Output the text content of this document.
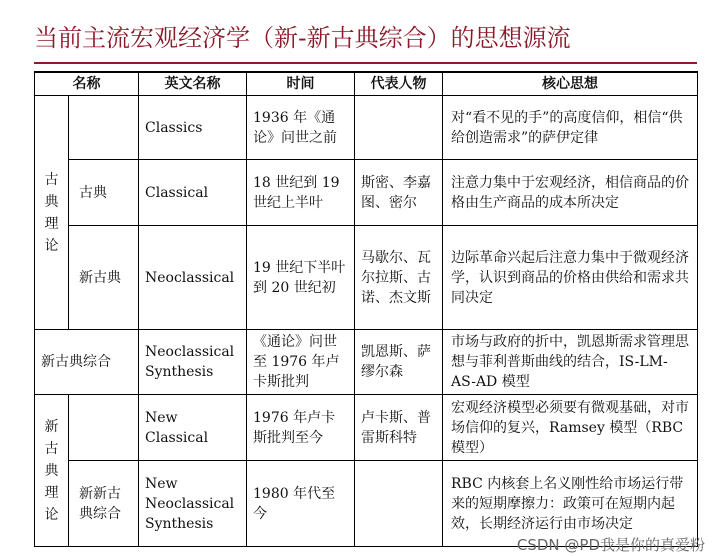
当前主流宏观经济学（新-新古典综合）的思想源流
名称		英文名称	时间	代表人物	核心思想

古典理论		Classics	1936 年《通论》问世之前		对“看不见的手”的高度信仰，相信“供给创造需求”的萨伊定律
	古典	Classical	18 世纪到 19 世纪上半叶	斯密、李嘉图、密尔	注意力集中于宏观经济，相信商品的价格由生产商品的成本所决定
	新古典	Neoclassical	19 世纪下半叶到 20 世纪初	马歇尔、瓦尔拉斯、古诺、杰文斯	边际革命兴起后注意力集中于微观经济学，认识到商品的价格由供给和需求共同决定
新古典综合		Neoclassical Synthesis	《通论》问世至 1976 年卢卡斯批判	凯恩斯、萨缪尔森	市场与政府的折中，凯恩斯需求管理思想与菲利普斯曲线的结合，IS-LM-AS-AD 模型

新古典理论		New Classical	1976 年卢卡斯批判至今	卢卡斯、普雷斯科特	宏观经济模型必须要有微观基础，对市场信仰的复兴，Ramsey 模型（RBC 模型）
	新新古典综合	New Neoclassical Synthesis	1980 年代至今		RBC 内核套上名义刚性给市场运行带来的短期摩擦力：政策可在短期内起效，长期经济运行由市场决定
CSDN @PD我是你的真爱粉
